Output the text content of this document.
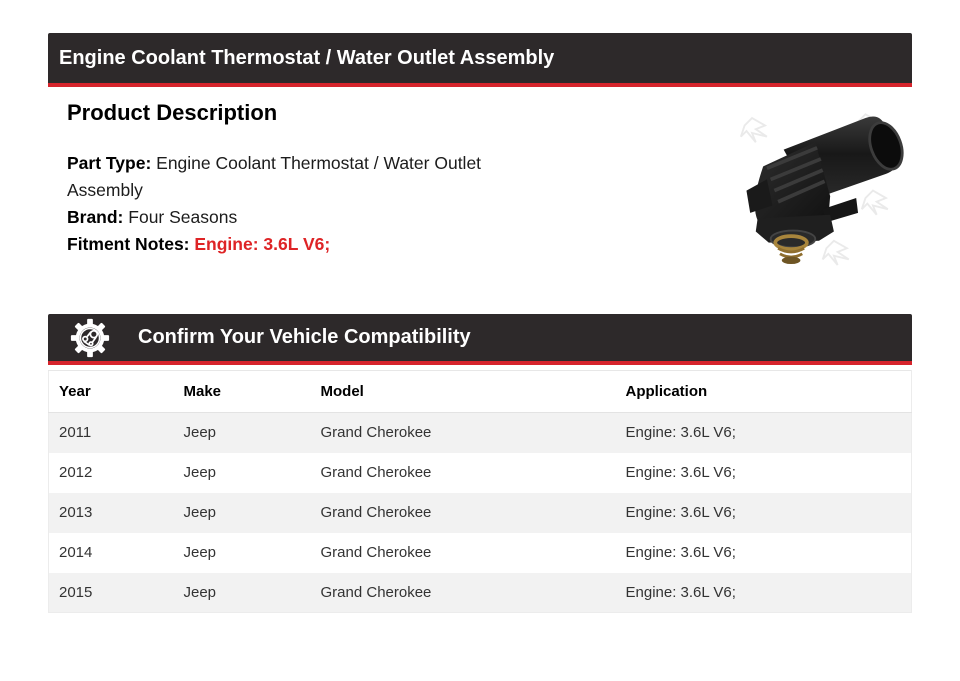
Engine Coolant Thermostat / Water Outlet Assembly
Product Description
Part Type: Engine Coolant Thermostat / Water Outlet Assembly
Brand: Four Seasons
Fitment Notes: Engine: 3.6L V6;
Confirm Your Vehicle Compatibility
Year	Make	Model	Application
2011	Jeep	Grand Cherokee	Engine: 3.6L V6;
2012	Jeep	Grand Cherokee	Engine: 3.6L V6;
2013	Jeep	Grand Cherokee	Engine: 3.6L V6;
2014	Jeep	Grand Cherokee	Engine: 3.6L V6;
2015	Jeep	Grand Cherokee	Engine: 3.6L V6;
